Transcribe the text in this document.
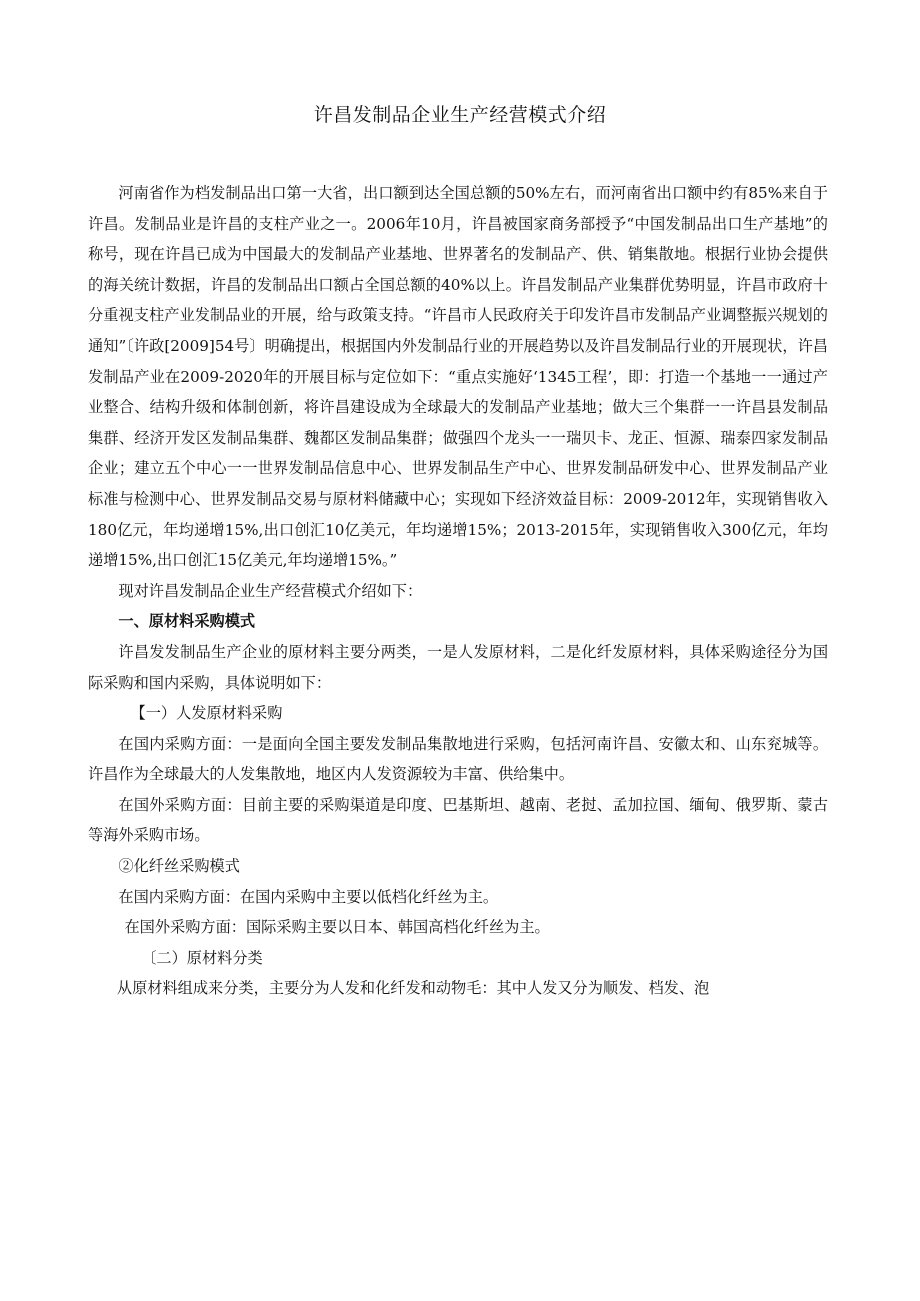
许昌发制品企业生产经营模式介绍

河南省作为档发制品出口第一大省，出口额到达全国总额的50%左右，而河南省出口额中约有85%来自于许昌。发制品业是许昌的支柱产业之一。2006年10月，许昌被国家商务部授予“中国发制品出口生产基地”的称号，现在许昌已成为中国最大的发制品产业基地、世界著名的发制品产、供、销集散地。根据行业协会提供的海关统计数据，许昌的发制品出口额占全国总额的40%以上。许昌发制品产业集群优势明显，许昌市政府十分重视支柱产业发制品业的开展，给与政策支持。“许昌市人民政府关于印发许昌市发制品产业调整振兴规划的通知”〔许政[2009]54号〕明确提出，根据国内外发制品行业的开展趋势以及许昌发制品行业的开展现状，许昌发制品产业在2009-2020年的开展目标与定位如下：“重点实施好‘1345工程’，即：打造一个基地一一通过产业整合、结构升级和体制创新，将许昌建设成为全球最大的发制品产业基地；做大三个集群一一许昌县发制品集群、经济开发区发制品集群、魏都区发制品集群；做强四个龙头一一瑞贝卡、龙正、恒源、瑞泰四家发制品企业；建立五个中心一一世界发制品信息中心、世界发制品生产中心、世界发制品研发中心、世界发制品产业标准与检测中心、世界发制品交易与原材料储藏中心；实现如下经济效益目标：2009-2012年，实现销售收入180亿元，年均递增15%,出口创汇10亿美元，年均递增15%；2013-2015年，实现销售收入300亿元，年均递增15%,出口创汇15亿美元,年均递增15%。”

现对许昌发制品企业生产经营模式介绍如下：

一、原材料采购模式

许昌发发制品生产企业的原材料主要分两类，一是人发原材料，二是化纤发原材料，具体采购途径分为国际采购和国内采购，具体说明如下：

【一）人发原材料采购

在国内采购方面：一是面向全国主要发发制品集散地进行采购，包括河南许昌、安徽太和、山东兖城等。许昌作为全球最大的人发集散地，地区内人发资源较为丰富、供给集中。

在国外采购方面：目前主要的采购渠道是印度、巴基斯坦、越南、老挝、孟加拉国、缅甸、俄罗斯、蒙古等海外采购市场。

②化纤丝采购模式

在国内采购方面：在国内采购中主要以低档化纤丝为主。

在国外采购方面：国际采购主要以日本、韩国高档化纤丝为主。

〔二）原材料分类

从原材料组成来分类，主要分为人发和化纤发和动物毛：其中人发又分为顺发、档发、泡
